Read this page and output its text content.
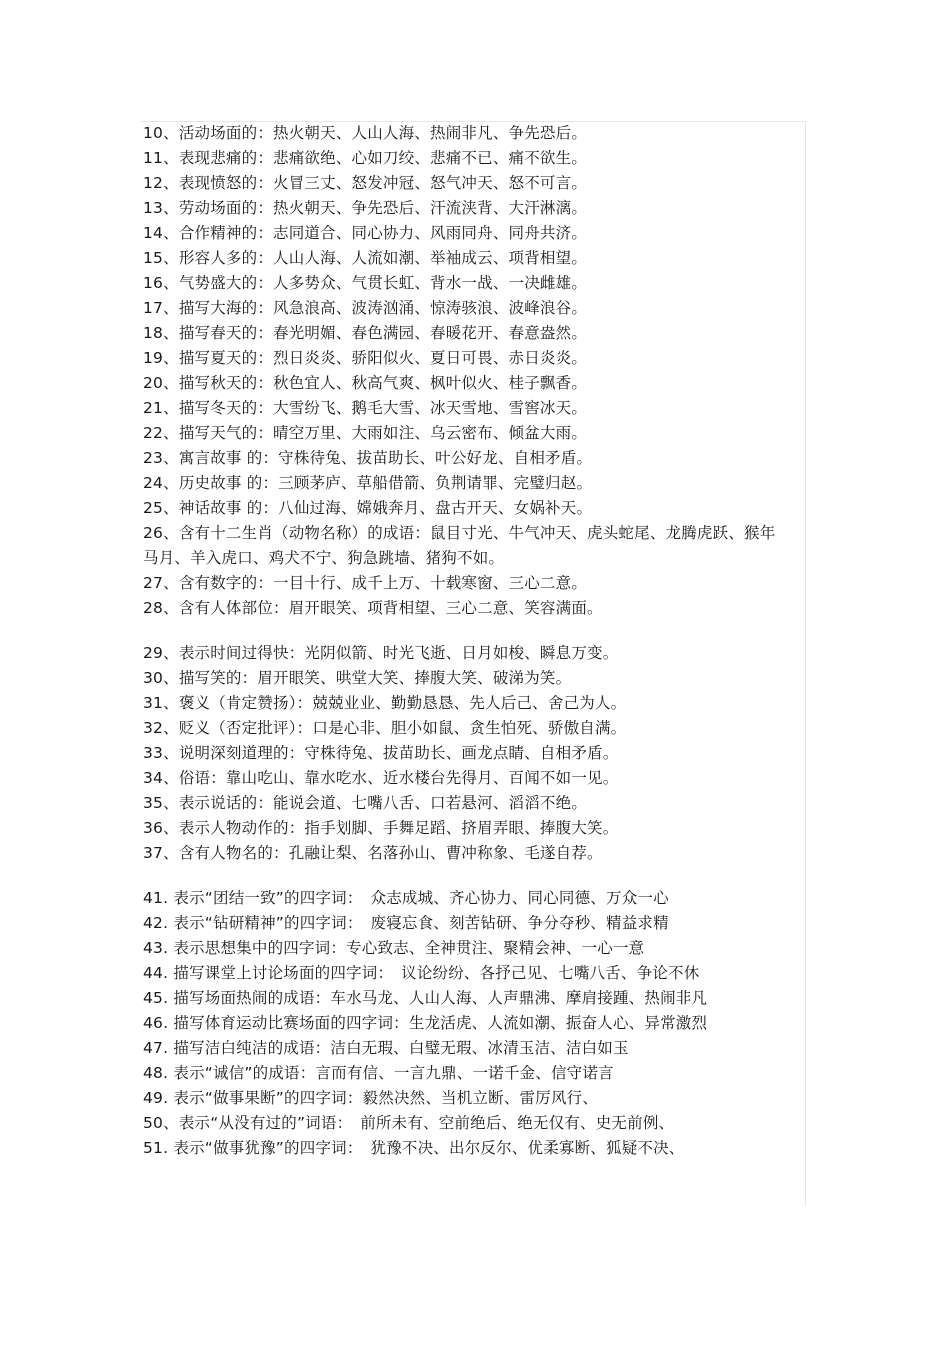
10、活动场面的：热火朝天、人山人海、热闹非凡、争先恐后。
11、表现悲痛的：悲痛欲绝、心如刀绞、悲痛不已、痛不欲生。
12、表现愤怒的：火冒三丈、怒发冲冠、怒气冲天、怒不可言。
13、劳动场面的：热火朝天、争先恐后、汗流浃背、大汗淋漓。
14、合作精神的：志同道合、同心协力、风雨同舟、同舟共济。
15、形容人多的：人山人海、人流如潮、举袖成云、项背相望。
16、气势盛大的：人多势众、气贯长虹、背水一战、一决雌雄。
17、描写大海的：风急浪高、波涛汹涌、惊涛骇浪、波峰浪谷。
18、描写春天的：春光明媚、春色满园、春暖花开、春意盎然。
19、描写夏天的：烈日炎炎、骄阳似火、夏日可畏、赤日炎炎。
20、描写秋天的：秋色宜人、秋高气爽、枫叶似火、桂子飘香。
21、描写冬天的：大雪纷飞、鹅毛大雪、冰天雪地、雪窖冰天。
22、描写天气的：晴空万里、大雨如注、乌云密布、倾盆大雨。
23、寓言故事 的：守株待兔、拔苗助长、叶公好龙、自相矛盾。
24、历史故事 的：三顾茅庐、草船借箭、负荆请罪、完璧归赵。
25、神话故事 的：八仙过海、嫦娥奔月、盘古开天、女娲补天。
26、含有十二生肖（动物名称）的成语：鼠目寸光、牛气冲天、虎头蛇尾、龙腾虎跃、猴年马月、羊入虎口、鸡犬不宁、狗急跳墙、猪狗不如。
27、含有数字的：一目十行、成千上万、十载寒窗、三心二意。
28、含有人体部位：眉开眼笑、项背相望、三心二意、笑容满面。
29、表示时间过得快：光阴似箭、时光飞逝、日月如梭、瞬息万变。
30、描写笑的：眉开眼笑、哄堂大笑、捧腹大笑、破涕为笑。
31、褒义（肯定赞扬）：兢兢业业、勤勤恳恳、先人后己、舍己为人。
32、贬义（否定批评）：口是心非、胆小如鼠、贪生怕死、骄傲自满。
33、说明深刻道理的：守株待兔、拔苗助长、画龙点睛、自相矛盾。
34、俗语：靠山吃山、靠水吃水、近水楼台先得月、百闻不如一见。
35、表示说话的：能说会道、七嘴八舌、口若悬河、滔滔不绝。
36、表示人物动作的：指手划脚、手舞足蹈、挤眉弄眼、捧腹大笑。
37、含有人物名的：孔融让梨、名落孙山、曹冲称象、毛遂自荐。
41. 表示“团结一致”的四字词：　众志成城、齐心协力、同心同德、万众一心
42. 表示“钻研精神”的四字词：　废寝忘食、刻苦钻研、争分夺秒、精益求精
43. 表示思想集中的四字词：专心致志、全神贯注、聚精会神、一心一意
44. 描写课堂上讨论场面的四字词：　议论纷纷、各抒己见、七嘴八舌、争论不休
45. 描写场面热闹的成语：车水马龙、人山人海、人声鼎沸、摩肩接踵、热闹非凡
46. 描写体育运动比赛场面的四字词：生龙活虎、人流如潮、振奋人心、异常激烈
47. 描写洁白纯洁的成语：洁白无瑕、白璧无瑕、冰清玉洁、洁白如玉
48. 表示“诚信”的成语：言而有信、一言九鼎、一诺千金、信守诺言
49. 表示“做事果断”的四字词：毅然决然、当机立断、雷厉风行、
50、表示“从没有过的”词语：　前所未有、空前绝后、绝无仅有、史无前例、
51. 表示“做事犹豫”的四字词：　犹豫不决、出尔反尔、优柔寡断、狐疑不决、
